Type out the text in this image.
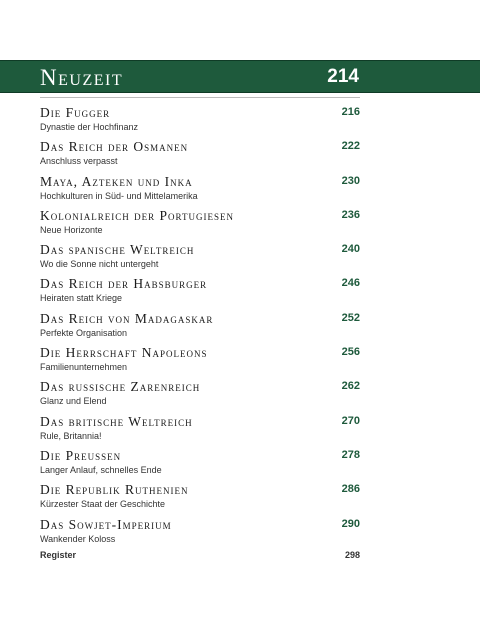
Neuzeit	214
Die Fugger
Dynastie der Hochfinanz
216
Das Reich der Osmanen
Anschluss verpasst
222
Maya, Azteken und Inka
Hochkulturen in Süd- und Mittelamerika
230
Kolonialreich der Portugiesen
Neue Horizonte
236
Das spanische Weltreich
Wo die Sonne nicht untergeht
240
Das Reich der Habsburger
Heiraten statt Kriege
246
Das Reich von Madagaskar
Perfekte Organisation
252
Die Herrschaft Napoleons
Familienunternehmen
256
Das russische Zarenreich
Glanz und Elend
262
Das britische Weltreich
Rule, Britannia!
270
Die Preussen
Langer Anlauf, schnelles Ende
278
Die Republik Ruthenien
Kürzester Staat der Geschichte
286
Das Sowjet-Imperium
Wankender Koloss
290
Register	298
